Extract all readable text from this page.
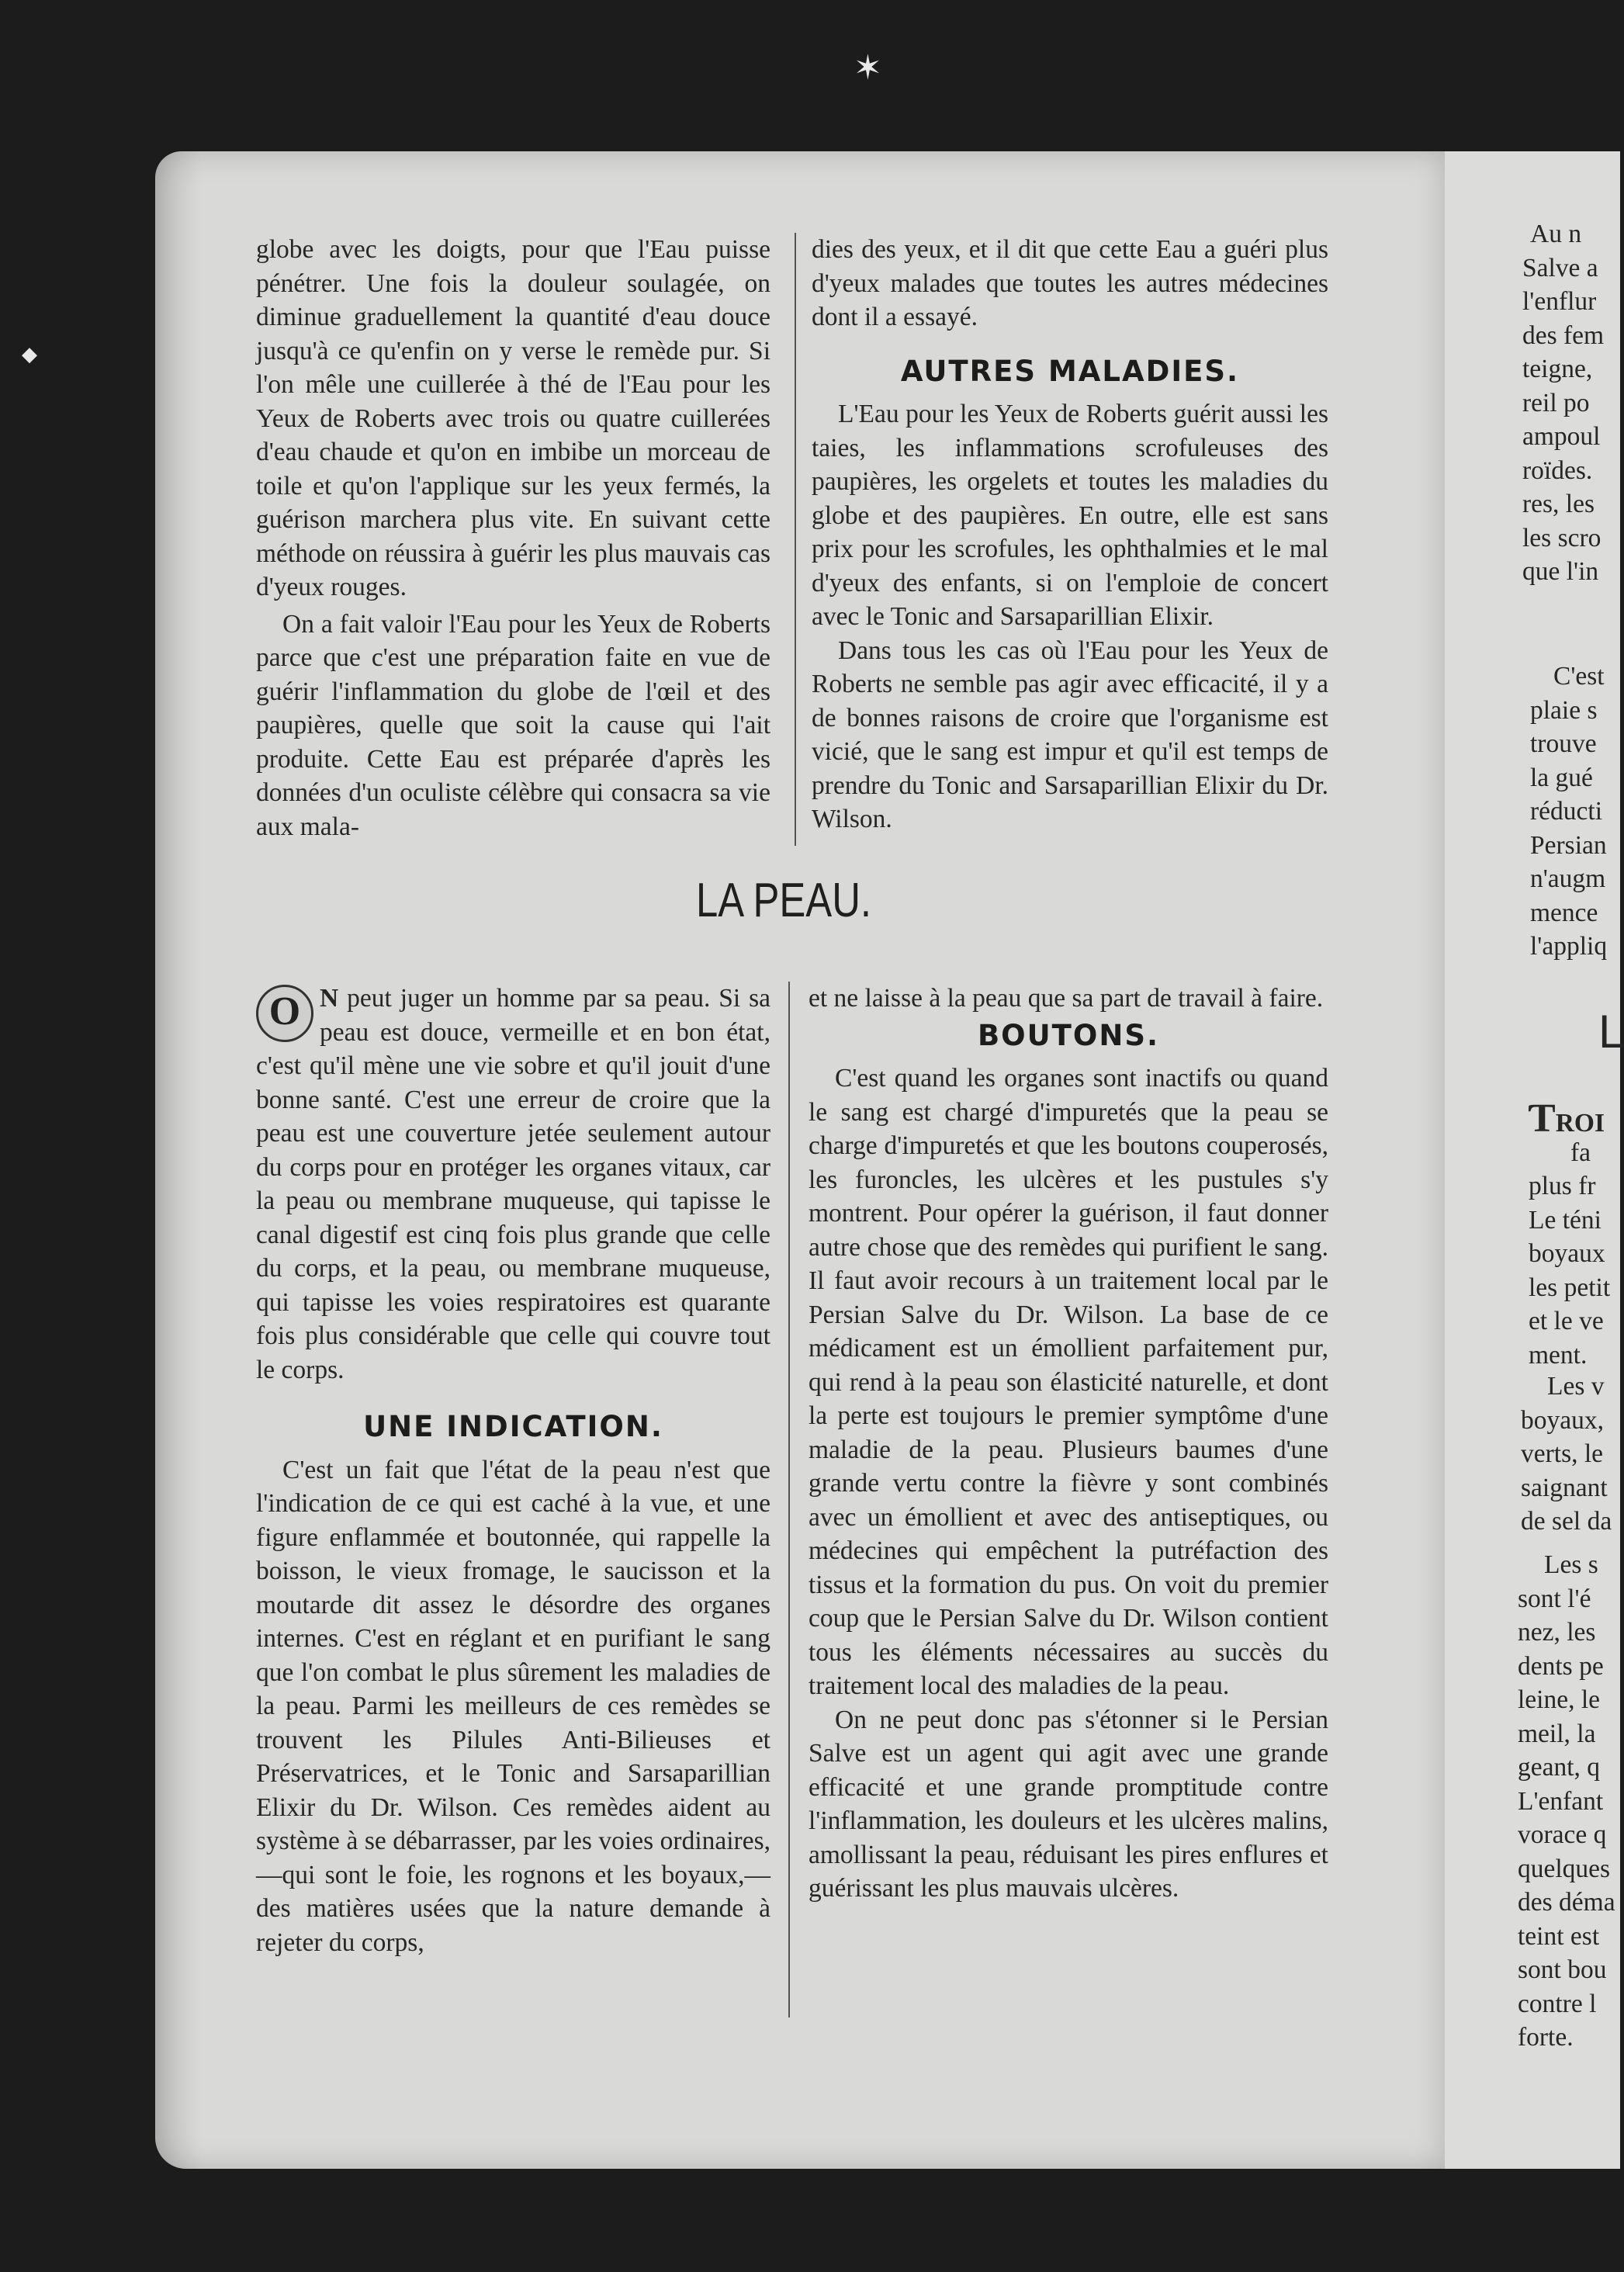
✶
◆

globe avec les doigts, pour que l'Eau puisse pénétrer. Une fois la douleur soulagée, on diminue graduellement la quantité d'eau douce jusqu'à ce qu'enfin on y verse le remède pur. Si l'on mêle une cuillerée à thé de l'Eau pour les Yeux de Roberts avec trois ou quatre cuillerées d'eau chaude et qu'on en imbibe un morceau de toile et qu'on l'applique sur les yeux fermés, la guérison marchera plus vite. En suivant cette méthode on réussira à guérir les plus mauvais cas d'yeux rouges.

On a fait valoir l'Eau pour les Yeux de Roberts parce que c'est une préparation faite en vue de guérir l'inflammation du globe de l'œil et des paupières, quelle que soit la cause qui l'ait produite. Cette Eau est préparée d'après les données d'un oculiste célèbre qui consacra sa vie aux mala-

dies des yeux, et il dit que cette Eau a guéri plus d'yeux malades que toutes les autres médecines dont il a essayé.

AUTRES MALADIES.

L'Eau pour les Yeux de Roberts guérit aussi les taies, les inflammations scrofuleuses des paupières, les orgelets et toutes les maladies du globe et des paupières. En outre, elle est sans prix pour les scrofules, les ophthalmies et le mal d'yeux des enfants, si on l'emploie de concert avec le Tonic and Sarsaparillian Elixir.

Dans tous les cas où l'Eau pour les Yeux de Roberts ne semble pas agir avec efficacité, il y a de bonnes raisons de croire que l'organisme est vicié, que le sang est impur et qu'il est temps de prendre du Tonic and Sarsaparillian Elixir du Dr. Wilson.

LA PEAU.

O N peut juger un homme par sa peau. Si sa peau est douce, vermeille et en bon état, c'est qu'il mène une vie sobre et qu'il jouit d'une bonne santé. C'est une erreur de croire que la peau est une couverture jetée seulement autour du corps pour en protéger les organes vitaux, car la peau ou membrane muqueuse, qui tapisse le canal digestif est cinq fois plus grande que celle du corps, et la peau, ou membrane muqueuse, qui tapisse les voies respiratoires est quarante fois plus considérable que celle qui couvre tout le corps.

UNE INDICATION.

C'est un fait que l'état de la peau n'est que l'indication de ce qui est caché à la vue, et une figure enflammée et boutonnée, qui rappelle la boisson, le vieux fromage, le saucisson et la moutarde dit assez le désordre des organes internes. C'est en réglant et en purifiant le sang que l'on combat le plus sûrement les maladies de la peau. Parmi les meilleurs de ces remèdes se trouvent les Pilules Anti-Bilieuses et Préservatrices, et le Tonic and Sarsaparillian Elixir du Dr. Wilson. Ces remèdes aident au système à se débarrasser, par les voies ordinaires,—qui sont le foie, les rognons et les boyaux,—des matières usées que la nature demande à rejeter du corps,

et ne laisse à la peau que sa part de travail à faire.

BOUTONS.

C'est quand les organes sont inactifs ou quand le sang est chargé d'impuretés que la peau se charge d'impuretés et que les boutons couperosés, les furoncles, les ulcères et les pustules s'y montrent. Pour opérer la guérison, il faut donner autre chose que des remèdes qui purifient le sang. Il faut avoir recours à un traitement local par le Persian Salve du Dr. Wilson. La base de ce médicament est un émollient parfaitement pur, qui rend à la peau son élasticité naturelle, et dont la perte est toujours le premier symptôme d'une maladie de la peau. Plusieurs baumes d'une grande vertu contre la fièvre y sont combinés avec un émollient et avec des antiseptiques, ou médecines qui empêchent la putréfaction des tissus et la formation du pus. On voit du premier coup que le Persian Salve du Dr. Wilson contient tous les éléments nécessaires au succès du traitement local des maladies de la peau.

On ne peut donc pas s'étonner si le Persian Salve est un agent qui agit avec une grande efficacité et une grande promptitude contre l'inflammation, les douleurs et les ulcères malins, amollissant la peau, réduisant les pires enflures et guérissant les plus mauvais ulcères.

Au n
Salve a
l'enflur
des fem
teigne,
reil po
ampoul
roïdes.
res, les
les scro
que l'in
C'est
plaie s
trouve
la gué
réducti
Persian
n'augm
mence
l'appliq
L
ƬROI
fa
plus fr
Le téni
boyaux
les petit
et le ve
ment.
Les v
boyaux,
verts, le
saignant
de sel da
Les s
sont l'é
nez, les
dents pe
leine, le
meil, la
geant, q
L'enfant
vorace q
quelques
des déma
teint est
sont bou
contre l
forte.
